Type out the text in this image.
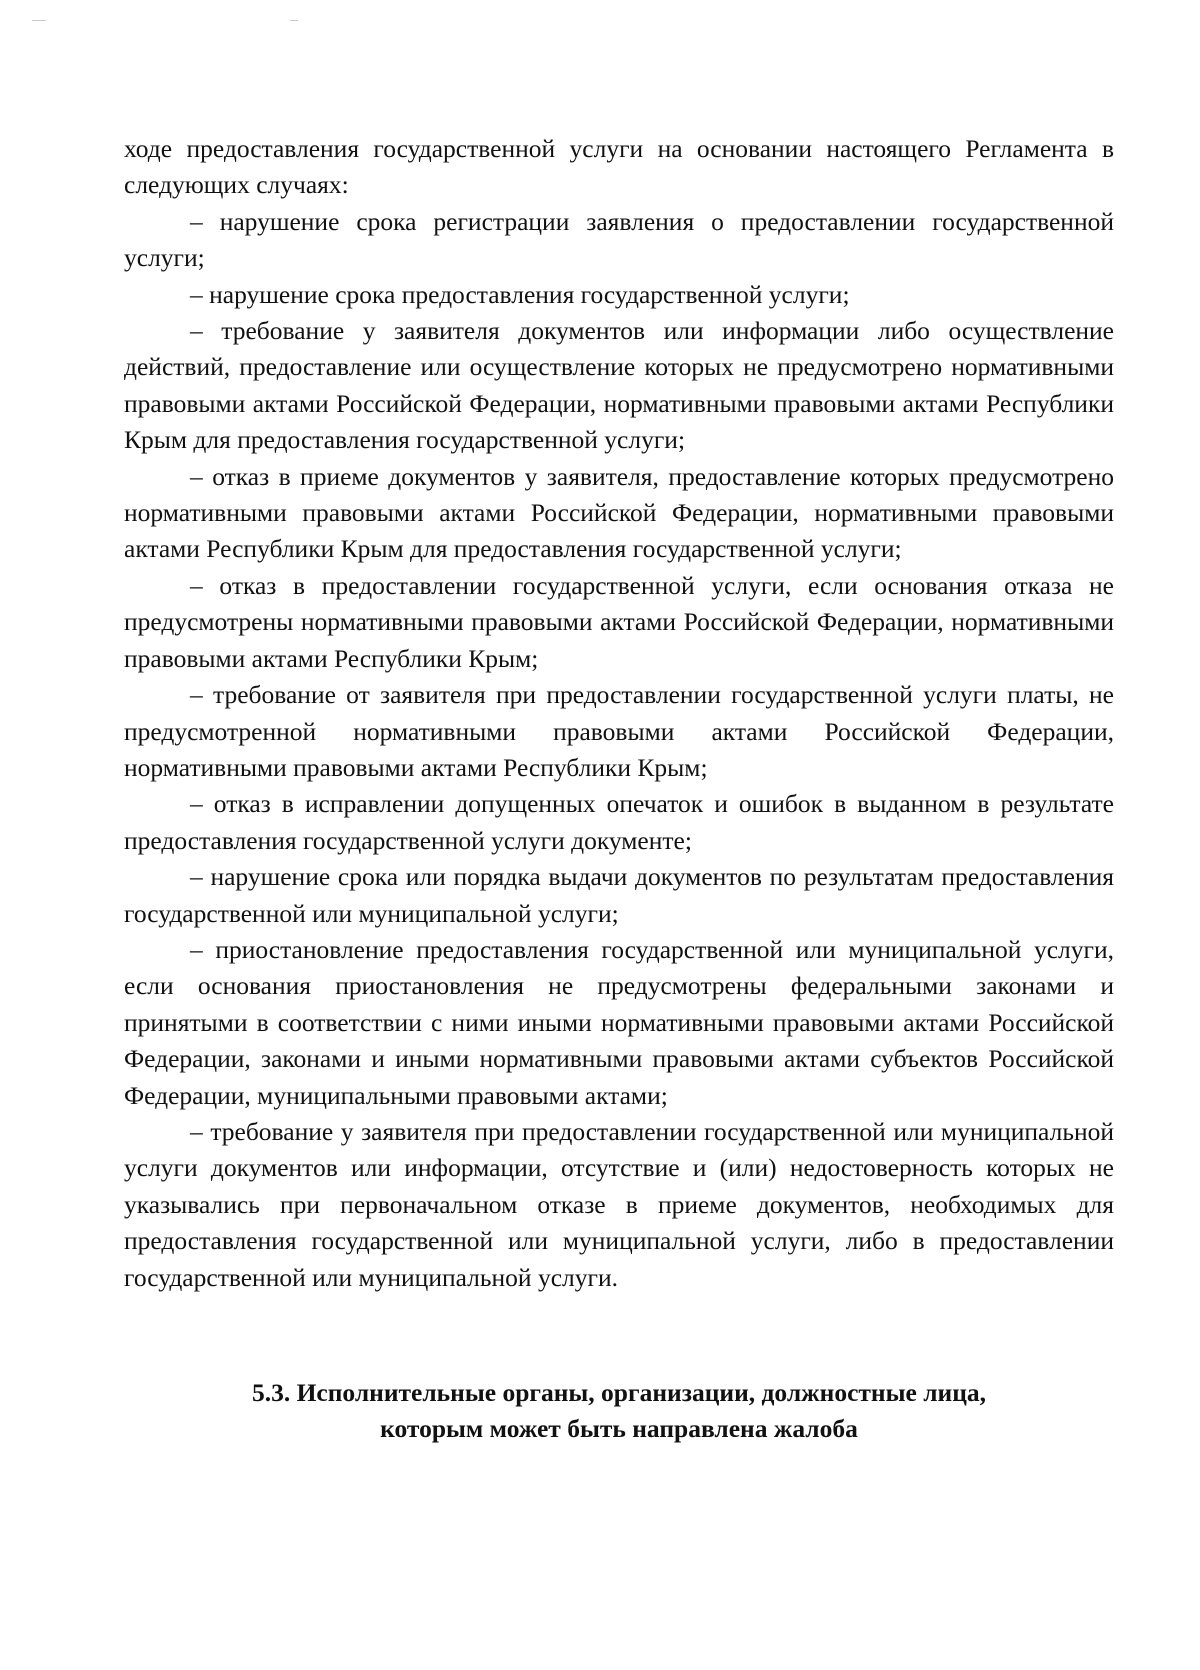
ходе предоставления государственной услуги на основании настоящего Регламента в следующих случаях:

– нарушение срока регистрации заявления о предоставлении государственной услуги;

– нарушение срока предоставления государственной услуги;

– требование у заявителя документов или информации либо осуществление действий, предоставление или осуществление которых не предусмотрено нормативными правовыми актами Российской Федерации, нормативными правовыми актами Республики Крым для предоставления государственной услуги;

– отказ в приеме документов у заявителя, предоставление которых предусмотрено нормативными правовыми актами Российской Федерации, нормативными правовыми актами Республики Крым для предоставления государственной услуги;

– отказ в предоставлении государственной услуги, если основания отказа не предусмотрены нормативными правовыми актами Российской Федерации, нормативными правовыми актами Республики Крым;

– требование от заявителя при предоставлении государственной услуги платы, не предусмотренной нормативными правовыми актами Российской Федерации, нормативными правовыми актами Республики Крым;

– отказ в исправлении допущенных опечаток и ошибок в выданном в результате предоставления государственной услуги документе;

– нарушение срока или порядка выдачи документов по результатам предоставления государственной или муниципальной услуги;

– приостановление предоставления государственной или муниципальной услуги, если основания приостановления не предусмотрены федеральными законами и принятыми в соответствии с ними иными нормативными правовыми актами Российской Федерации, законами и иными нормативными правовыми актами субъектов Российской Федерации, муниципальными правовыми актами;

– требование у заявителя при предоставлении государственной или муниципальной услуги документов или информации, отсутствие и (или) недостоверность которых не указывались при первоначальном отказе в приеме документов, необходимых для предоставления государственной или муниципальной услуги, либо в предоставлении государственной или муниципальной услуги.

5.3. Исполнительные органы, организации, должностные лица,
которым может быть направлена жалоба
